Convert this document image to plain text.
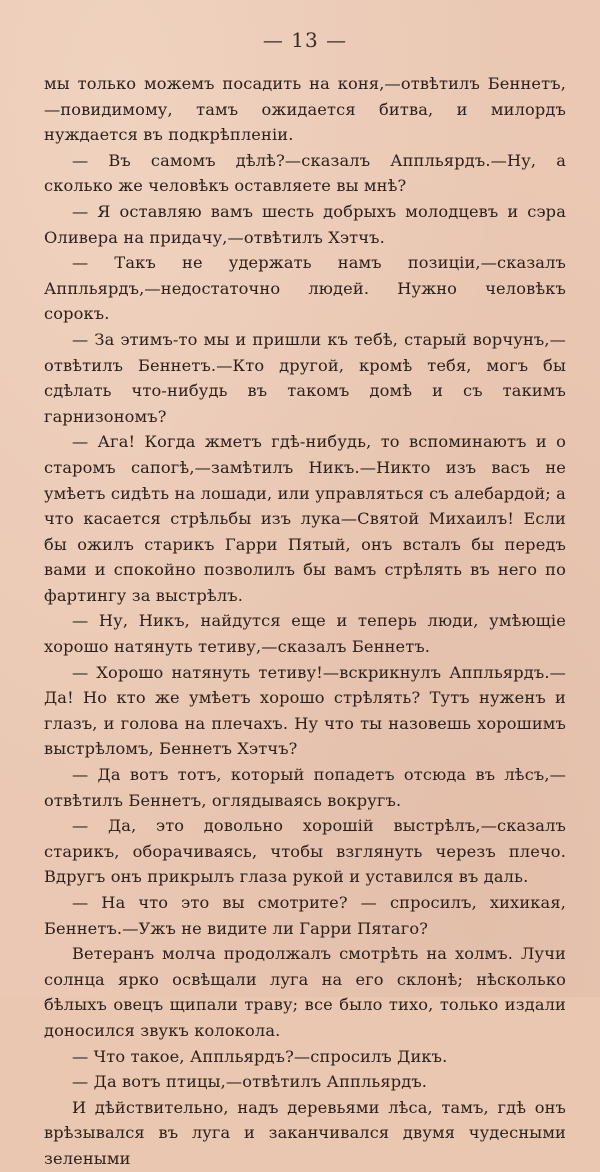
— 13 —

мы только можемъ посадить на коня,—отвѣтилъ Беннетъ,—повидимому, тамъ ожидается битва, и милордъ нуждается въ подкрѣпленіи.

— Въ самомъ дѣлѣ?—сказалъ Аппльярдъ.—Ну, а сколько же человѣкъ оставляете вы мнѣ?

— Я оставляю вамъ шесть добрыхъ молодцевъ и сэра Оливера на придачу,—отвѣтилъ Хэтчъ.

— Такъ не удержать намъ позиціи,—сказалъ Аппльярдъ,—недостаточно людей. Нужно человѣкъ сорокъ.

— За этимъ-то мы и пришли къ тебѣ, старый ворчунъ,—отвѣтилъ Беннетъ.—Кто другой, кромѣ тебя, могъ бы сдѣлать что-нибудь въ такомъ домѣ и съ такимъ гарнизономъ?

— Ага! Когда жметъ гдѣ-нибудь, то вспоминаютъ и о старомъ сапогѣ,—замѣтилъ Никъ.—Никто изъ васъ не умѣетъ сидѣть на лошади, или управляться съ алебардой; а что касается стрѣльбы изъ лука—Святой Михаилъ! Если бы ожилъ старикъ Гарри Пятый, онъ всталъ бы передъ вами и спокойно позволилъ бы вамъ стрѣлять въ него по фартингу за выстрѣлъ.

— Ну, Никъ, найдутся еще и теперь люди, умѣющіе хорошо натянуть тетиву,—сказалъ Беннетъ.

— Хорошо натянуть тетиву!—вскрикнулъ Аппльярдъ.—Да! Но кто же умѣетъ хорошо стрѣлять? Тутъ нуженъ и глазъ, и голова на плечахъ. Ну что ты назовешь хорошимъ выстрѣломъ, Беннетъ Хэтчъ?

— Да вотъ тотъ, который попадетъ отсюда въ лѣсъ,—отвѣтилъ Беннетъ, оглядываясь вокругъ.

— Да, это довольно хорошій выстрѣлъ,—сказалъ старикъ, оборачиваясь, чтобы взглянуть черезъ плечо. Вдругъ онъ прикрылъ глаза рукой и уставился въ даль.

— На что это вы смотрите? — спросилъ, хихикая, Беннетъ.—Ужъ не видите ли Гарри Пятаго?

Ветеранъ молча продолжалъ смотрѣть на холмъ. Лучи солнца ярко освѣщали луга на его склонѣ; нѣсколько бѣлыхъ овецъ щипали траву; все было тихо, только издали доносился звукъ колокола.

— Что такое, Аппльярдъ?—спросилъ Дикъ.

— Да вотъ птицы,—отвѣтилъ Аппльярдъ.

И дѣйствительно, надъ деревьями лѣса, тамъ, гдѣ онъ врѣзывался въ луга и заканчивался двумя чудесными зелеными
